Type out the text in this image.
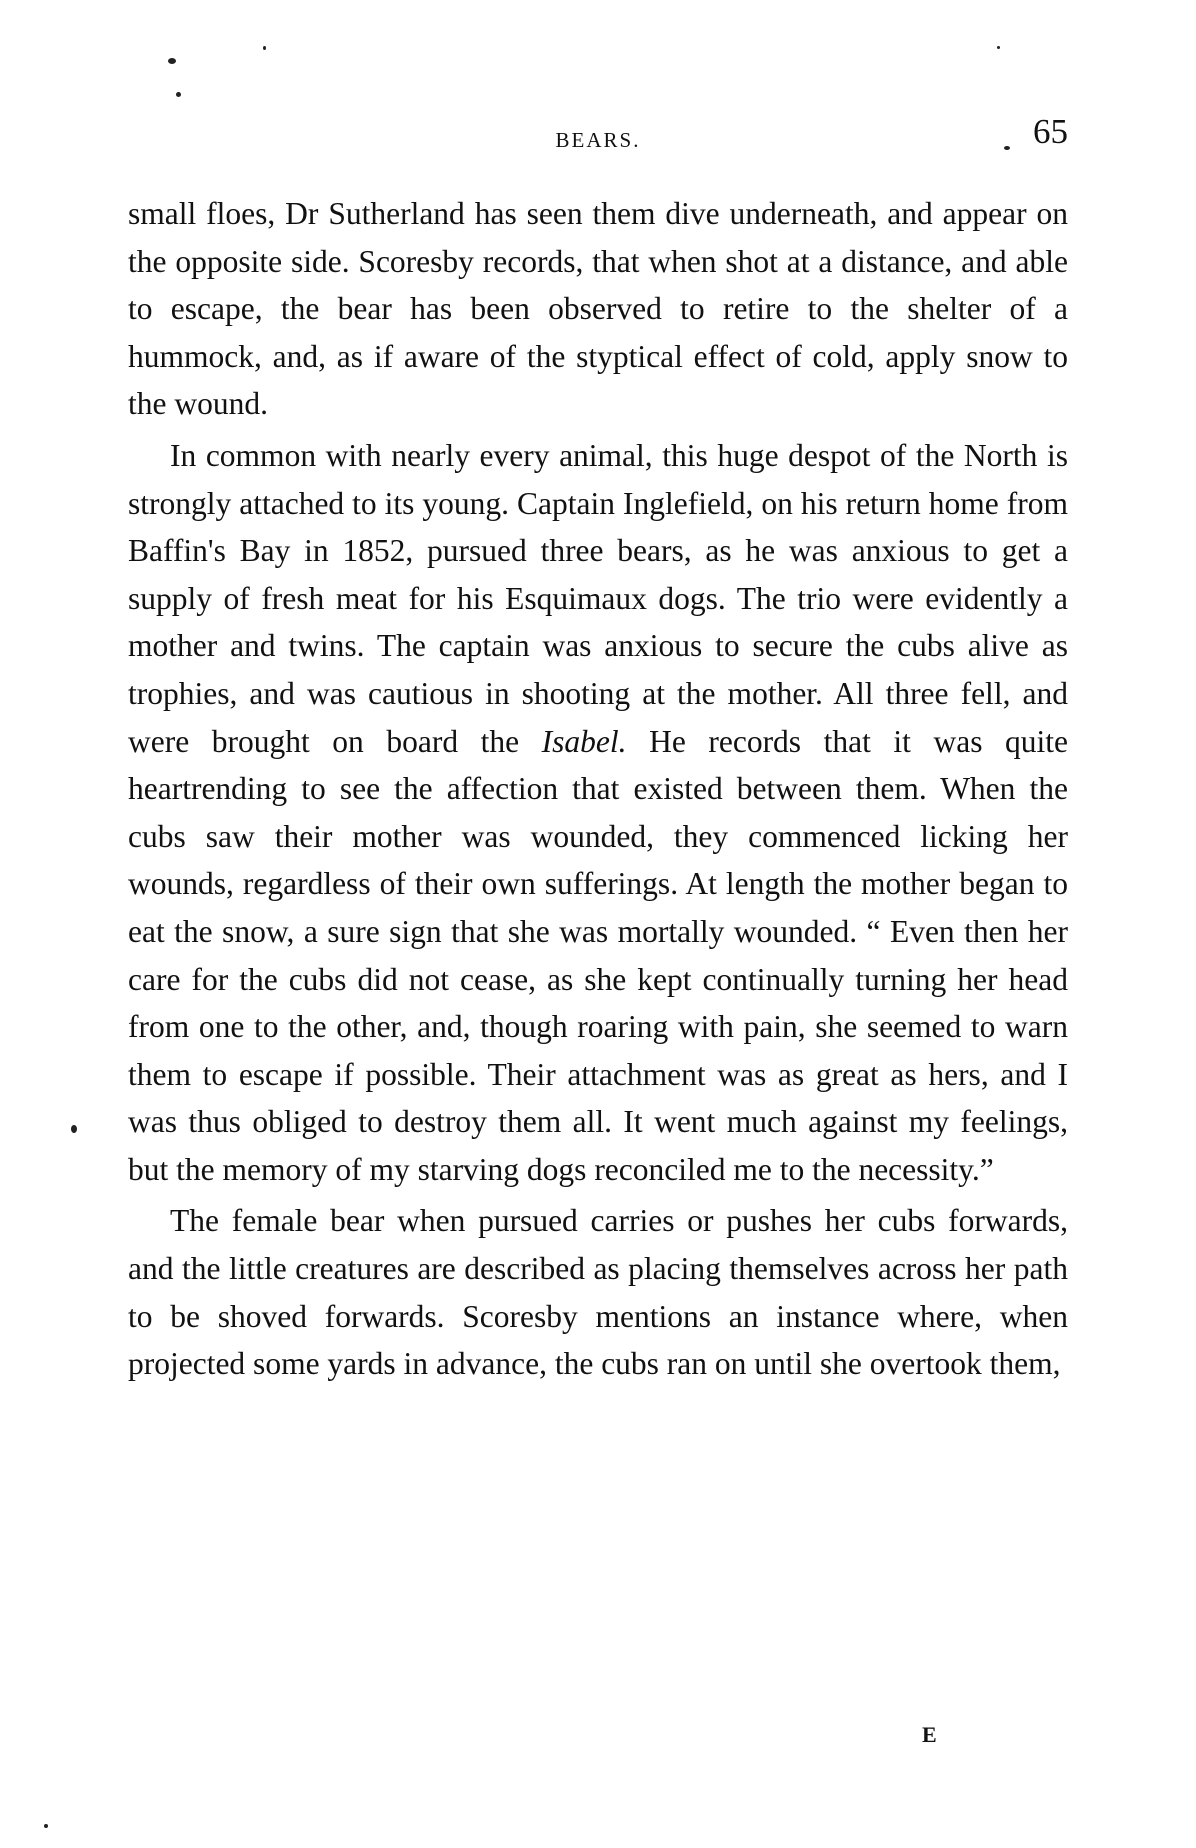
BEARS.	65

small floes, Dr Sutherland has seen them dive underneath, and appear on the opposite side. Scoresby records, that when shot at a distance, and able to escape, the bear has been observed to retire to the shelter of a hummock, and, as if aware of the styptical effect of cold, apply snow to the wound.

In common with nearly every animal, this huge despot of the North is strongly attached to its young. Captain Inglefield, on his return home from Baffin's Bay in 1852, pursued three bears, as he was anxious to get a supply of fresh meat for his Esquimaux dogs. The trio were evidently a mother and twins. The captain was anxious to secure the cubs alive as trophies, and was cautious in shooting at the mother. All three fell, and were brought on board the Isabel. He records that it was quite heartrending to see the affection that existed between them. When the cubs saw their mother was wounded, they commenced licking her wounds, regardless of their own sufferings. At length the mother began to eat the snow, a sure sign that she was mortally wounded. “ Even then her care for the cubs did not cease, as she kept continually turning her head from one to the other, and, though roaring with pain, she seemed to warn them to escape if possible. Their attachment was as great as hers, and I was thus obliged to destroy them all. It went much against my feelings, but the memory of my starving dogs reconciled me to the necessity.”

The female bear when pursued carries or pushes her cubs forwards, and the little creatures are described as placing themselves across her path to be shoved forwards. Scoresby mentions an instance where, when projected some yards in advance, the cubs ran on until she overtook them,

E
